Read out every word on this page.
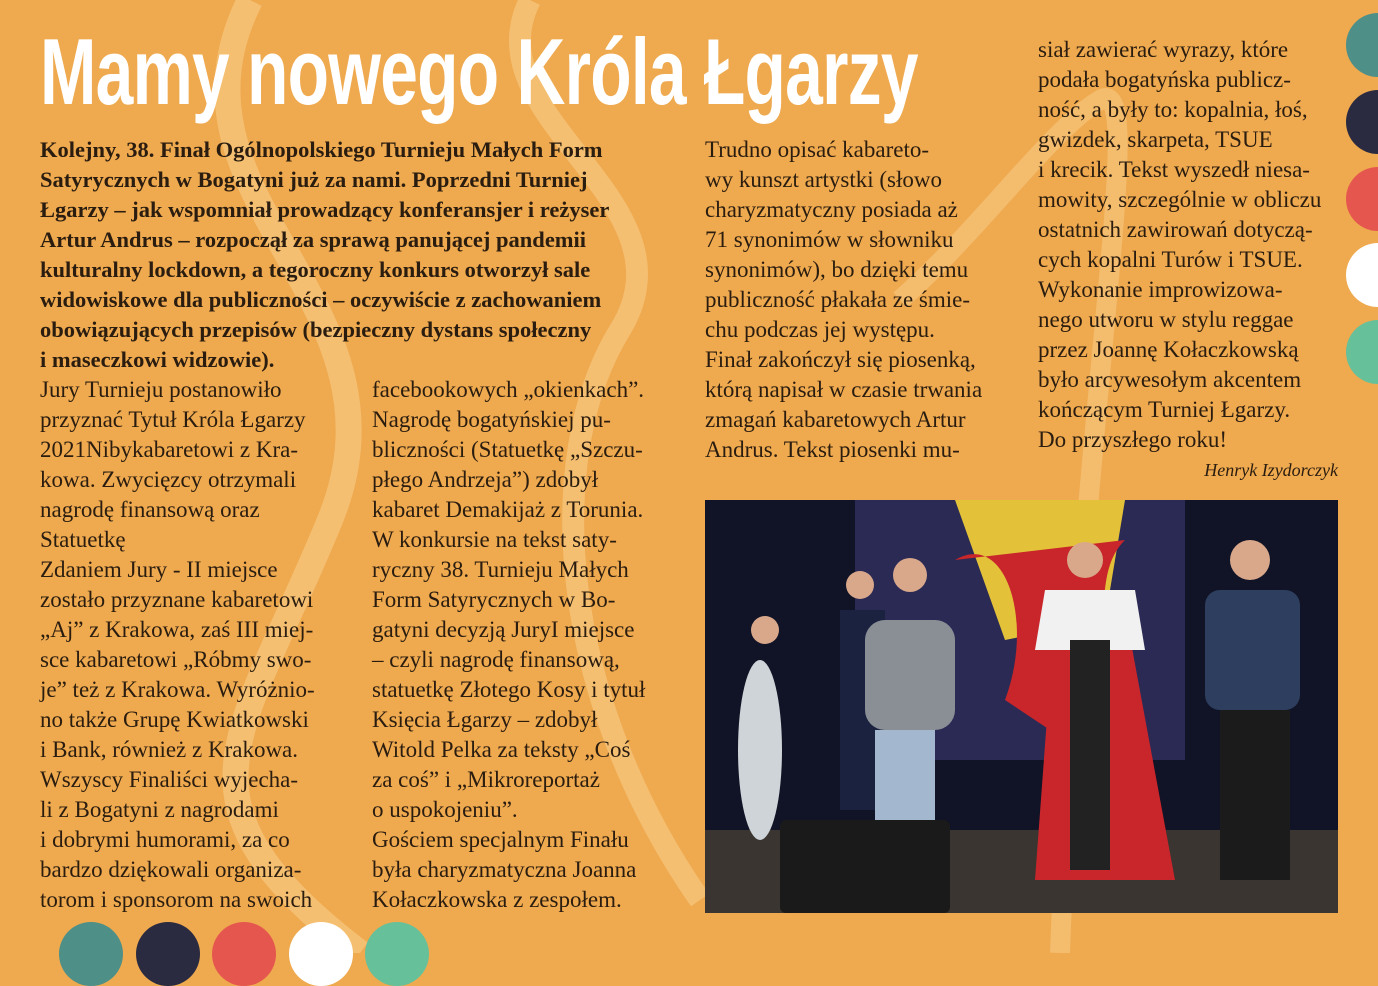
Mamy nowego Króla Łgarzy
Kolejny, 38. Finał Ogólnopolskiego Turnieju Małych Form
Satyrycznych w Bogatyni już za nami. Poprzedni Turniej
Łgarzy – jak wspomniał prowadzący konferansjer i reżyser
Artur Andrus – rozpoczął za sprawą panującej pandemii
kulturalny lockdown, a tegoroczny konkurs otworzył sale
widowiskowe dla publiczności – oczywiście z zachowaniem
obowiązujących przepisów (bezpieczny dystans społeczny
i maseczkowi widzowie).
Jury Turnieju postanowiło
przyznać Tytuł Króla Łgarzy
2021Nibykabaretowi z Kra-
kowa. Zwycięzcy otrzymali
nagrodę finansową oraz
Statuetkę
Zdaniem Jury - II miejsce
zostało przyznane kabaretowi
„Aj” z Krakowa, zaś III miej-
sce kabaretowi „Róbmy swo-
je” też z Krakowa. Wyróżnio-
no także Grupę Kwiatkowski
i Bank, również z Krakowa.
Wszyscy Finaliści wyjecha-
li z Bogatyni z nagrodami
i dobrymi humorami, za co
bardzo dziękowali organiza-
torom i sponsorom na swoich
facebookowych „okienkach”.
Nagrodę bogatyńskiej pu-
bliczności (Statuetkę „Szczu-
płego Andrzeja”) zdobył
kabaret Demakijaż z Torunia.
W konkursie na tekst saty-
ryczny 38. Turnieju Małych
Form Satyrycznych w Bo-
gatyni decyzją JuryI miejsce
– czyli nagrodę finansową,
statuetkę Złotego Kosy i tytuł
Księcia Łgarzy – zdobył
Witold Pelka za teksty „Coś
za coś” i „Mikroreportaż
o uspokojeniu”.
Gościem specjalnym Finału
była charyzmatyczna Joanna
Kołaczkowska z zespołem.
Trudno opisać kabareto-
wy kunszt artystki (słowo
charyzmatyczny posiada aż
71 synonimów w słowniku
synonimów), bo dzięki temu
publiczność płakała ze śmie-
chu podczas jej występu.
Finał zakończył się piosenką,
którą napisał w czasie trwania
zmagań kabaretowych Artur
Andrus. Tekst piosenki mu-
siał zawierać wyrazy, które
podała bogatyńska publicz-
ność, a były to: kopalnia, łoś,
gwizdek, skarpeta, TSUE
i krecik. Tekst wyszedł niesa-
mowity, szczególnie w obliczu
ostatnich zawirowań dotyczą-
cych kopalni Turów i TSUE.
Wykonanie improwizowa-
nego utworu w stylu reggae
przez Joannę Kołaczkowską
było arcywesołym akcentem
kończącym Turniej Łgarzy.
Do przyszłego roku!
Henryk Izydorczyk
